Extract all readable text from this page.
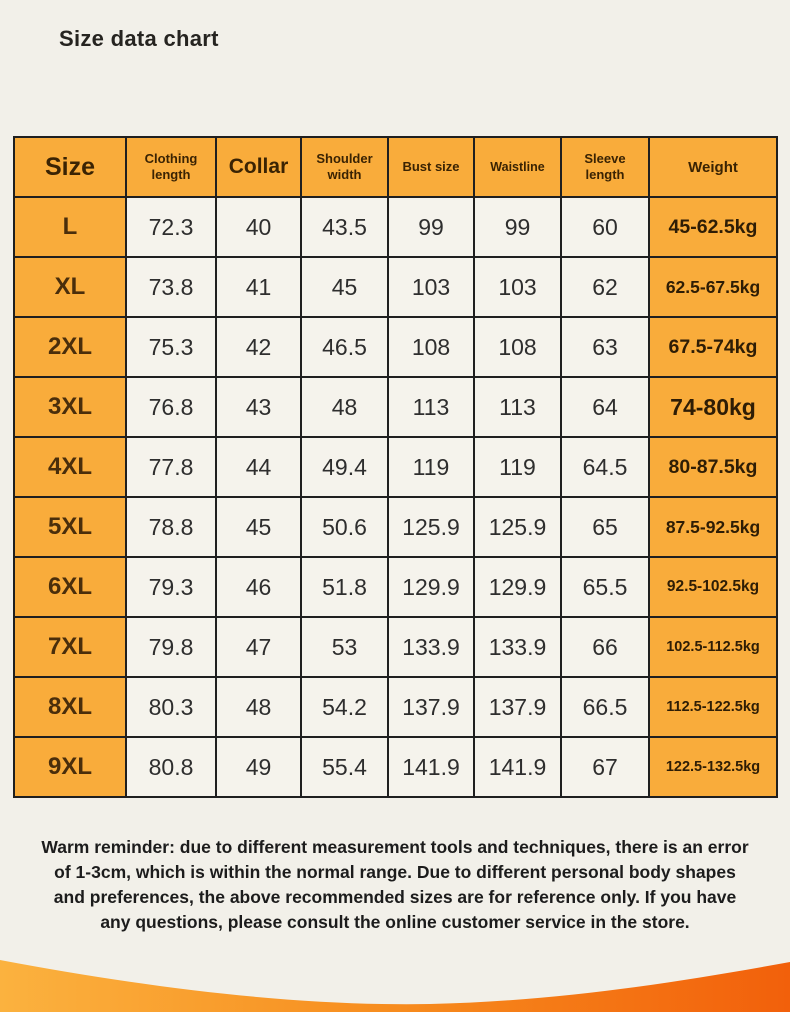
Size data chart
Size	Clothing length	Collar	Shoulder width	Bust size	Waistline	Sleeve length	Weight
L	72.3	40	43.5	99	99	60	45-62.5kg
XL	73.8	41	45	103	103	62	62.5-67.5kg
2XL	75.3	42	46.5	108	108	63	67.5-74kg
3XL	76.8	43	48	113	113	64	74-80kg
4XL	77.8	44	49.4	119	119	64.5	80-87.5kg
5XL	78.8	45	50.6	125.9	125.9	65	87.5-92.5kg
6XL	79.3	46	51.8	129.9	129.9	65.5	92.5-102.5kg
7XL	79.8	47	53	133.9	133.9	66	102.5-112.5kg
8XL	80.3	48	54.2	137.9	137.9	66.5	112.5-122.5kg
9XL	80.8	49	55.4	141.9	141.9	67	122.5-132.5kg

Warm reminder: due to different measurement tools and techniques, there is an error of 1-3cm, which is within the normal range. Due to different personal body shapes and preferences, the above recommended sizes are for reference only. If you have any questions, please consult the online customer service in the store.
